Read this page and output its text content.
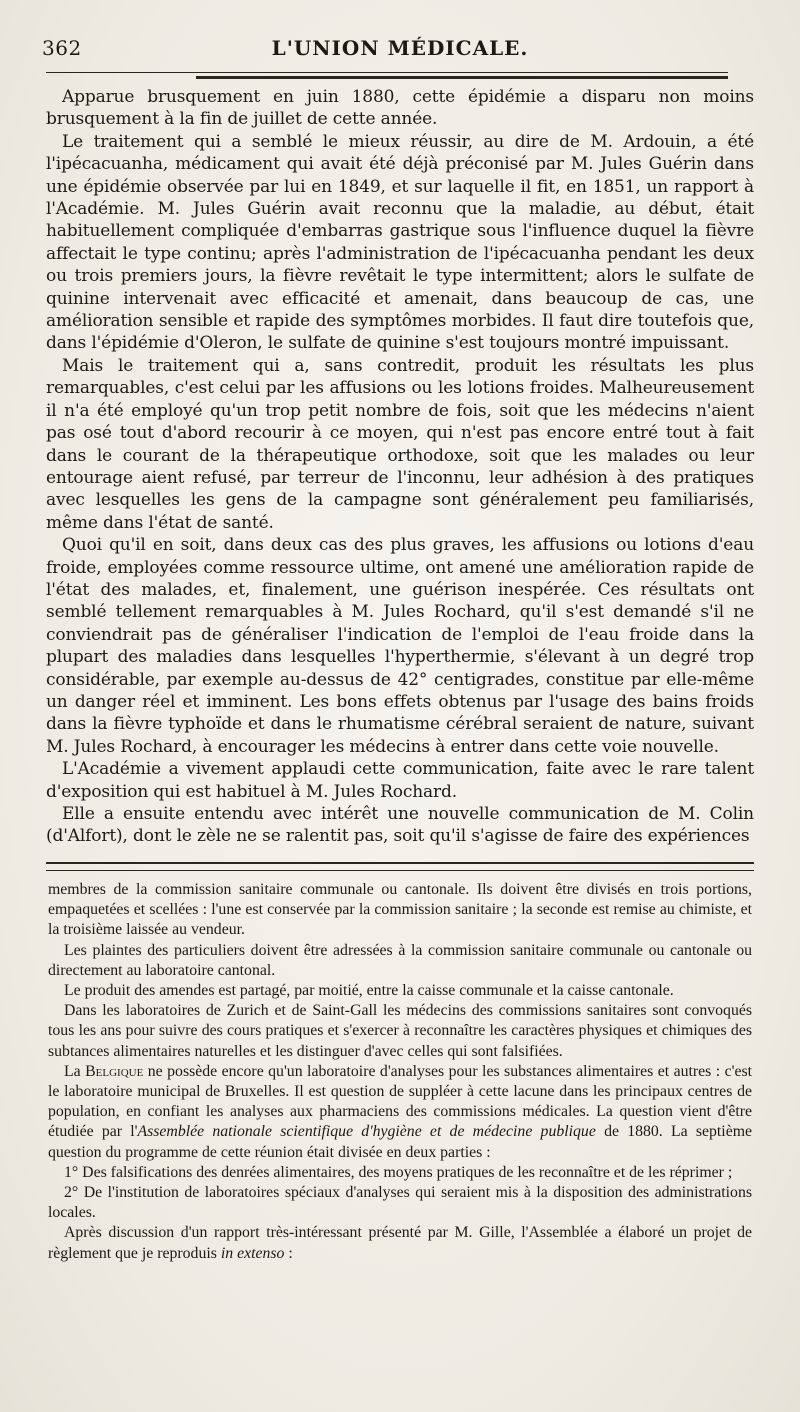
362	L'UNION MÉDICALE.

Apparue brusquement en juin 1880, cette épidémie a disparu non moins brusquement à la fin de juillet de cette année.

Le traitement qui a semblé le mieux réussir, au dire de M. Ardouin, a été l'ipécacuanha, médicament qui avait été déjà préconisé par M. Jules Guérin dans une épidémie observée par lui en 1849, et sur laquelle il fit, en 1851, un rapport à l'Académie. M. Jules Guérin avait reconnu que la maladie, au début, était habituellement compliquée d'embarras gastrique sous l'influence duquel la fièvre affectait le type continu; après l'administration de l'ipécacuanha pendant les deux ou trois premiers jours, la fièvre revêtait le type intermittent; alors le sulfate de quinine intervenait avec efficacité et amenait, dans beaucoup de cas, une amélioration sensible et rapide des symptômes morbides. Il faut dire toutefois que, dans l'épidémie d'Oleron, le sulfate de quinine s'est toujours montré impuissant.

Mais le traitement qui a, sans contredit, produit les résultats les plus remarquables, c'est celui par les affusions ou les lotions froides. Malheureusement il n'a été employé qu'un trop petit nombre de fois, soit que les médecins n'aient pas osé tout d'abord recourir à ce moyen, qui n'est pas encore entré tout à fait dans le courant de la thérapeutique orthodoxe, soit que les malades ou leur entourage aient refusé, par terreur de l'inconnu, leur adhésion à des pratiques avec lesquelles les gens de la campagne sont généralement peu familiarisés, même dans l'état de santé.

Quoi qu'il en soit, dans deux cas des plus graves, les affusions ou lotions d'eau froide, employées comme ressource ultime, ont amené une amélioration rapide de l'état des malades, et, finalement, une guérison inespérée. Ces résultats ont semblé tellement remarquables à M. Jules Rochard, qu'il s'est demandé s'il ne conviendrait pas de généraliser l'indication de l'emploi de l'eau froide dans la plupart des maladies dans lesquelles l'hyperthermie, s'élevant à un degré trop considérable, par exemple au-dessus de 42° centigrades, constitue par elle-même un danger réel et imminent. Les bons effets obtenus par l'usage des bains froids dans la fièvre typhoïde et dans le rhumatisme cérébral seraient de nature, suivant M. Jules Rochard, à encourager les médecins à entrer dans cette voie nouvelle.

L'Académie a vivement applaudi cette communication, faite avec le rare talent d'exposition qui est habituel à M. Jules Rochard.

Elle a ensuite entendu avec intérêt une nouvelle communication de M. Colin (d'Alfort), dont le zèle ne se ralentit pas, soit qu'il s'agisse de faire des expériences

membres de la commission sanitaire communale ou cantonale. Ils doivent être divisés en trois portions, empaquetées et scellées : l'une est conservée par la commission sanitaire ; la seconde est remise au chimiste, et la troisième laissée au vendeur.

Les plaintes des particuliers doivent être adressées à la commission sanitaire communale ou cantonale ou directement au laboratoire cantonal.

Le produit des amendes est partagé, par moitié, entre la caisse communale et la caisse cantonale.

Dans les laboratoires de Zurich et de Saint-Gall les médecins des commissions sanitaires sont convoqués tous les ans pour suivre des cours pratiques et s'exercer à reconnaître les caractères physiques et chimiques des subtances alimentaires naturelles et les distinguer d'avec celles qui sont falsifiées.

La Belgique ne possède encore qu'un laboratoire d'analyses pour les substances alimentaires et autres : c'est le laboratoire municipal de Bruxelles. Il est question de suppléer à cette lacune dans les principaux centres de population, en confiant les analyses aux pharmaciens des commissions médicales. La question vient d'être étudiée par l'Assemblée nationale scientifique d'hygiène et de médecine publique de 1880. La septième question du programme de cette réunion était divisée en deux parties :

1° Des falsifications des denrées alimentaires, des moyens pratiques de les reconnaître et de les réprimer ;

2° De l'institution de laboratoires spéciaux d'analyses qui seraient mis à la disposition des administrations locales.

Après discussion d'un rapport très-intéressant présenté par M. Gille, l'Assemblée a élaboré un projet de règlement que je reproduis in extenso :
